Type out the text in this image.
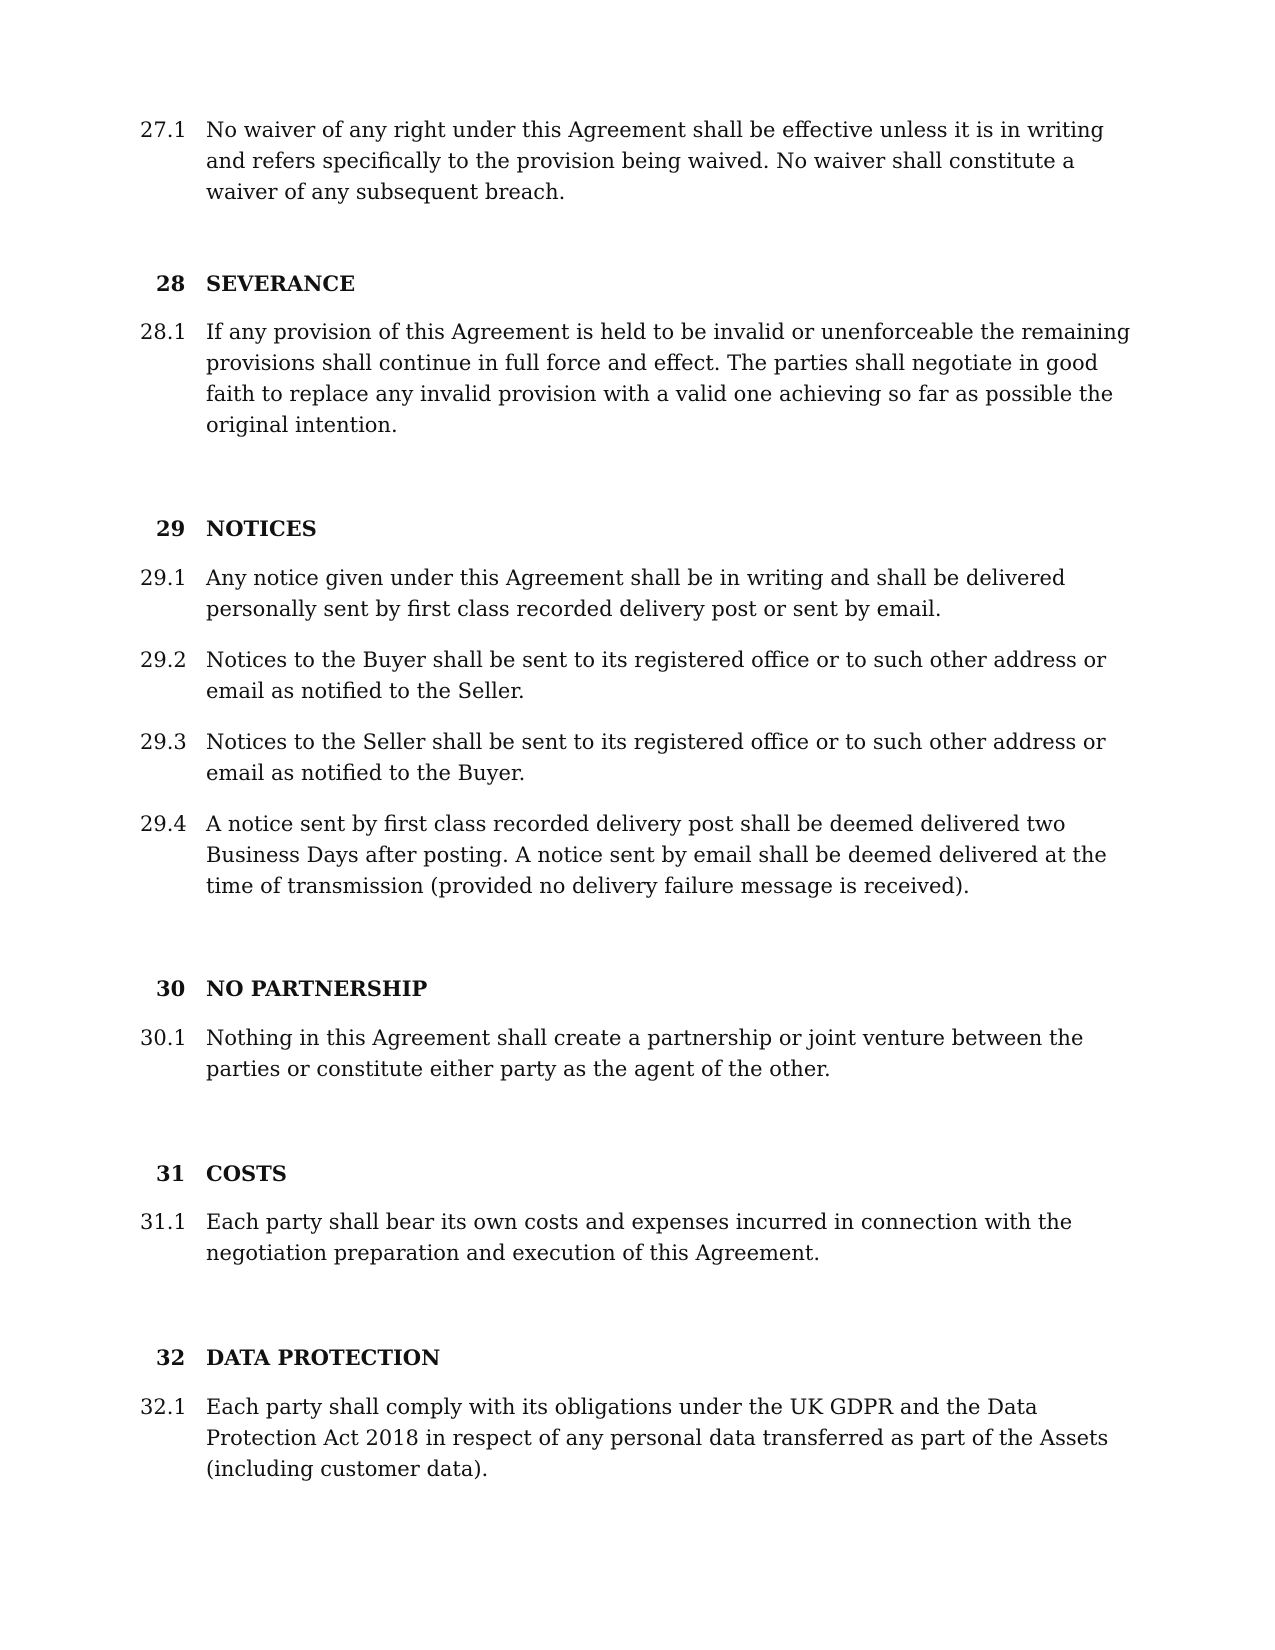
27.1 No waiver of any right under this Agreement shall be effective unless it is in writing and refers specifically to the provision being waived. No waiver shall constitute a waiver of any subsequent breach.
28 SEVERANCE
28.1 If any provision of this Agreement is held to be invalid or unenforceable the remaining provisions shall continue in full force and effect. The parties shall negotiate in good faith to replace any invalid provision with a valid one achieving so far as possible the original intention.
29 NOTICES
29.1 Any notice given under this Agreement shall be in writing and shall be delivered personally sent by first class recorded delivery post or sent by email.
29.2 Notices to the Buyer shall be sent to its registered office or to such other address or email as notified to the Seller.
29.3 Notices to the Seller shall be sent to its registered office or to such other address or email as notified to the Buyer.
29.4 A notice sent by first class recorded delivery post shall be deemed delivered two Business Days after posting. A notice sent by email shall be deemed delivered at the time of transmission (provided no delivery failure message is received).
30 NO PARTNERSHIP
30.1 Nothing in this Agreement shall create a partnership or joint venture between the parties or constitute either party as the agent of the other.
31 COSTS
31.1 Each party shall bear its own costs and expenses incurred in connection with the negotiation preparation and execution of this Agreement.
32 DATA PROTECTION
32.1 Each party shall comply with its obligations under the UK GDPR and the Data Protection Act 2018 in respect of any personal data transferred as part of the Assets (including customer data).
